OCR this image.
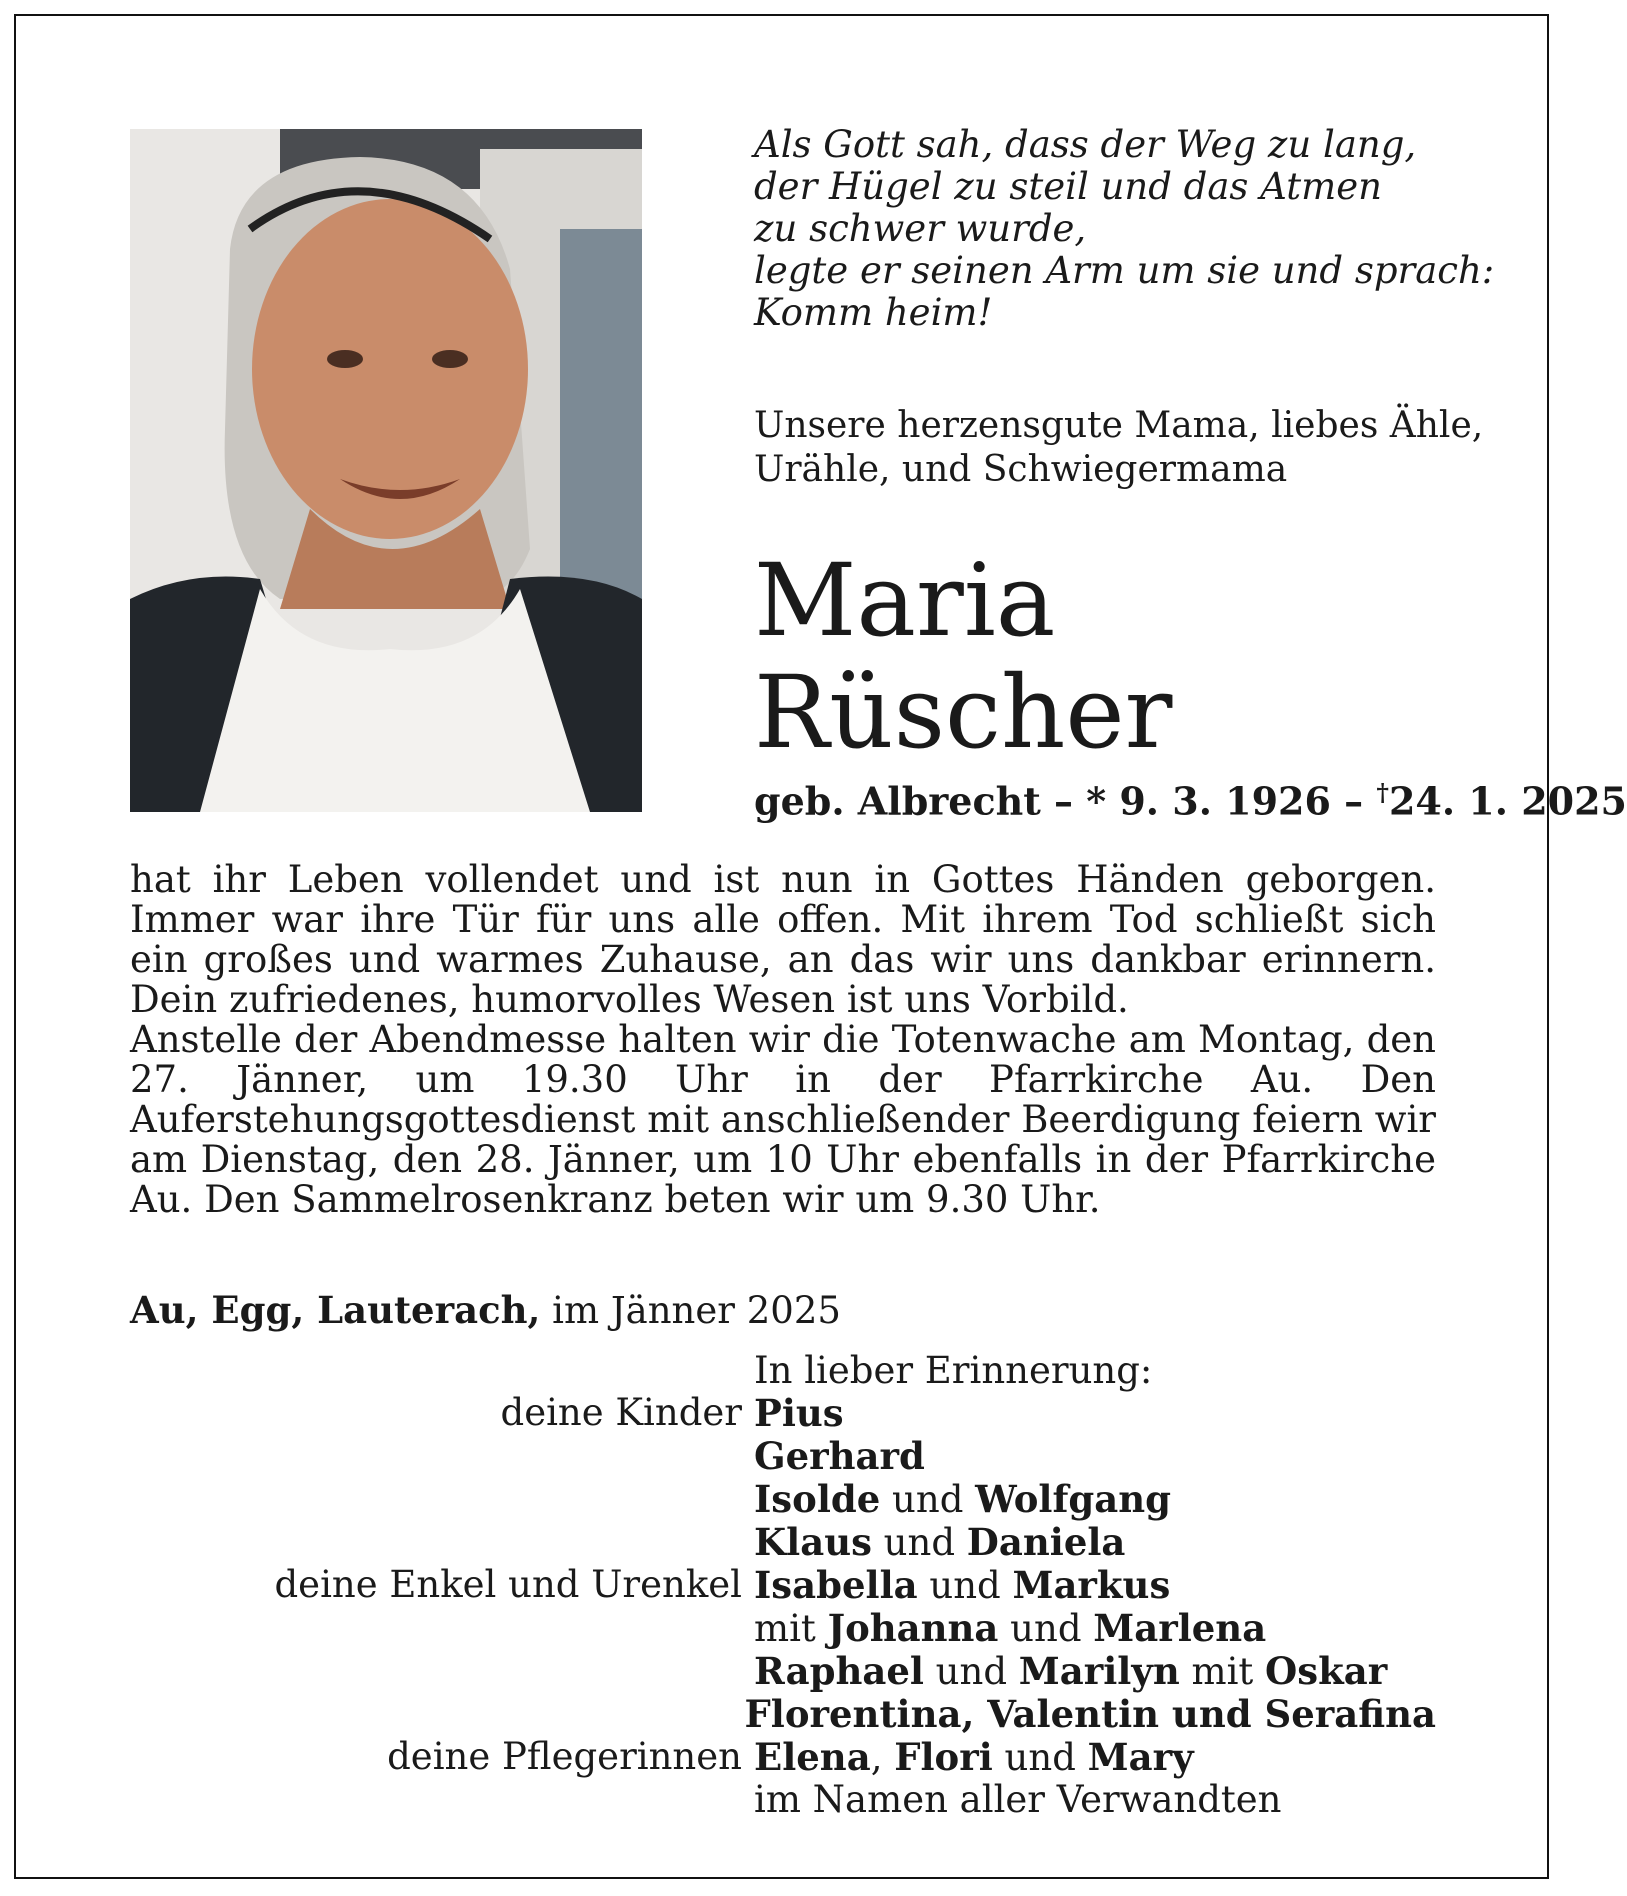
Als Gott sah, dass der Weg zu lang,
der Hügel zu steil und das Atmen
zu schwer wurde,
legte er seinen Arm um sie und sprach:
Komm heim!
Unsere herzensgute Mama, liebes Ähle,
Urähle, und Schwiegermama
Maria
Rüscher
geb. Albrecht – * 9. 3. 1926 – †24. 1. 2025

hat ihr Leben vollendet und ist nun in Gottes Händen geborgen. Immer war ihre Tür für uns alle offen. Mit ihrem Tod schließt sich ein großes und warmes Zuhause, an das wir uns dankbar erinnern. Dein zufriedenes, humorvolles Wesen ist uns Vorbild.

Anstelle der Abendmesse halten wir die Totenwache am Montag, den 27. Jänner, um 19.30 Uhr in der Pfarrkirche Au. Den Auferstehungsgottesdienst mit anschließender Beerdigung feiern wir am Dienstag, den 28. Jänner, um 10 Uhr ebenfalls in der Pfarrkirche Au. Den Sammelrosenkranz beten wir um 9.30 Uhr.

Au, Egg, Lauterach, im Jänner 2025
In lieber Erinnerung:
deine Kinder Pius
Gerhard
Isolde und Wolfgang
Klaus und Daniela
deine Enkel und Urenkel Isabella und Markus
mit Johanna und Marlena
Raphael und Marilyn mit Oskar
Florentina, Valentin und Serafina
deine Pflegerinnen Elena, Flori und Mary
im Namen aller Verwandten
